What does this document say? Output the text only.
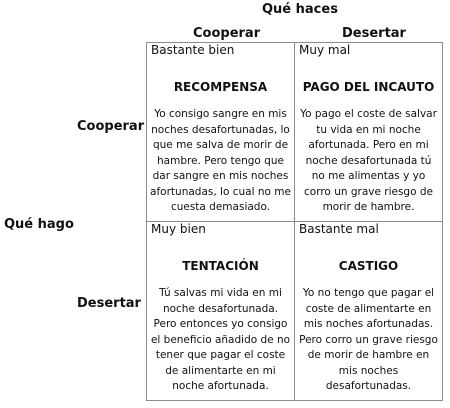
Qué haces
Cooperar	Desertar
Qué hago
Cooperar
Desertar
Bastante bien
RECOMPENSA
Yo consigo sangre en mis noches desafortunadas, lo que me salva de morir de hambre. Pero tengo que dar sangre en mis noches afortunadas, lo cual no me cuesta demasiado.
Muy mal
PAGO DEL INCAUTO
Yo pago el coste de salvar tu vida en mi noche afortunada. Pero en mi noche desafortunada tú no me alimentas y yo corro un grave riesgo de morir de hambre.
Muy bien
TENTACIÓN
Tú salvas mi vida en mi noche desafortunada. Pero entonces yo consigo el beneficio añadido de no tener que pagar el coste de alimentarte en mi noche afortunada.
Bastante mal
CASTIGO
Yo no tengo que pagar el coste de alimentarte en mis noches afortunadas. Pero corro un grave riesgo de morir de hambre en mis noches desafortunadas.
